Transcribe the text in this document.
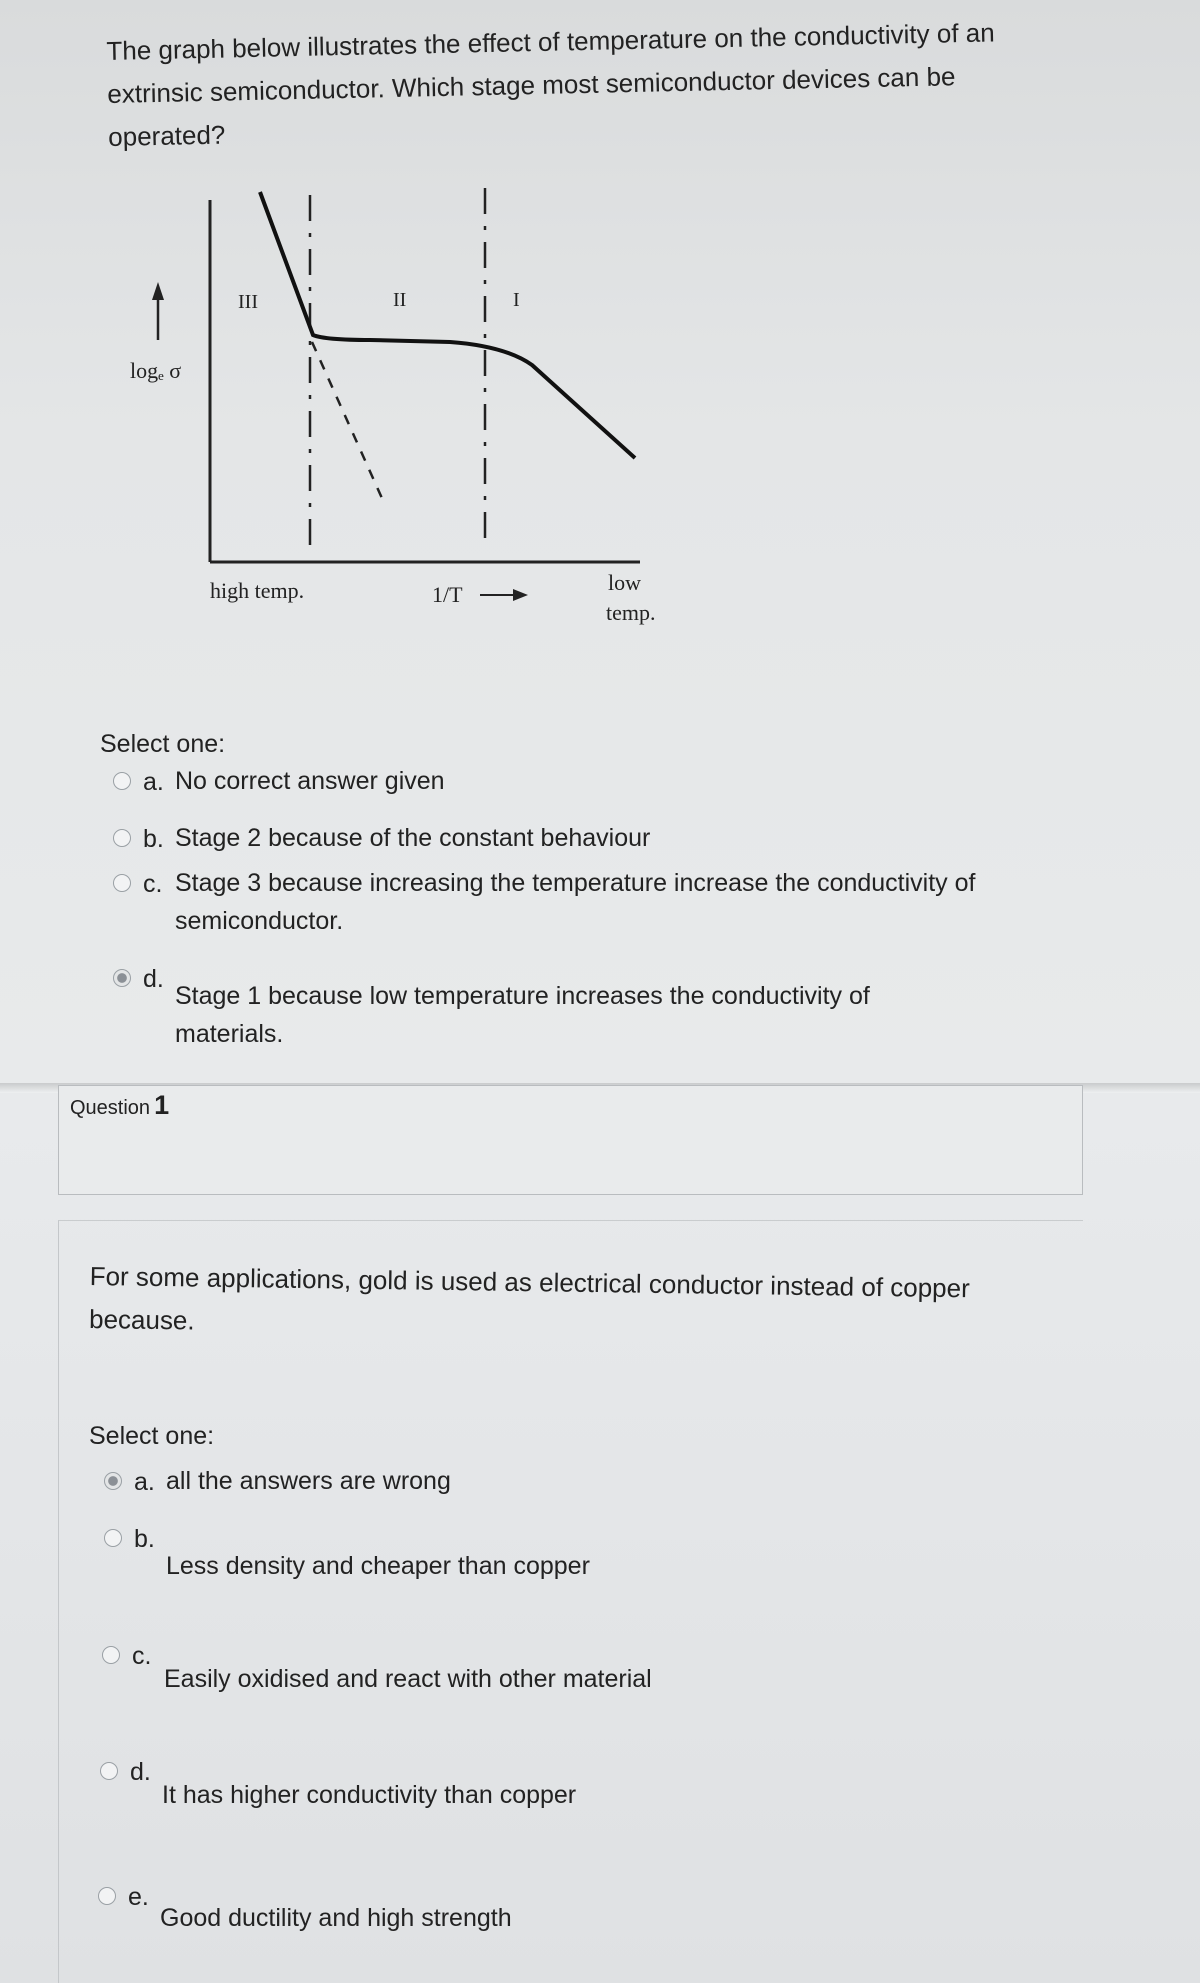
The graph below illustrates the effect of temperature on the conductivity of an extrinsic semiconductor. Which stage most semiconductor devices can be operated?
logₑ σ
III	II	I
high temp.	1/T	low
temp.
Select one:
a. No correct answer given
b. Stage 2 because of the constant behaviour
c. Stage 3 because increasing the temperature increase the conductivity of semiconductor.
d.
Stage 1 because low temperature increases the conductivity of materials.
Question 1
For some applications, gold is used as electrical conductor instead of copper because.
Select one:
a. all the answers are wrong
b.
Less density and cheaper than copper
c.
Easily oxidised and react with other material
d.
It has higher conductivity than copper
e.
Good ductility and high strength
